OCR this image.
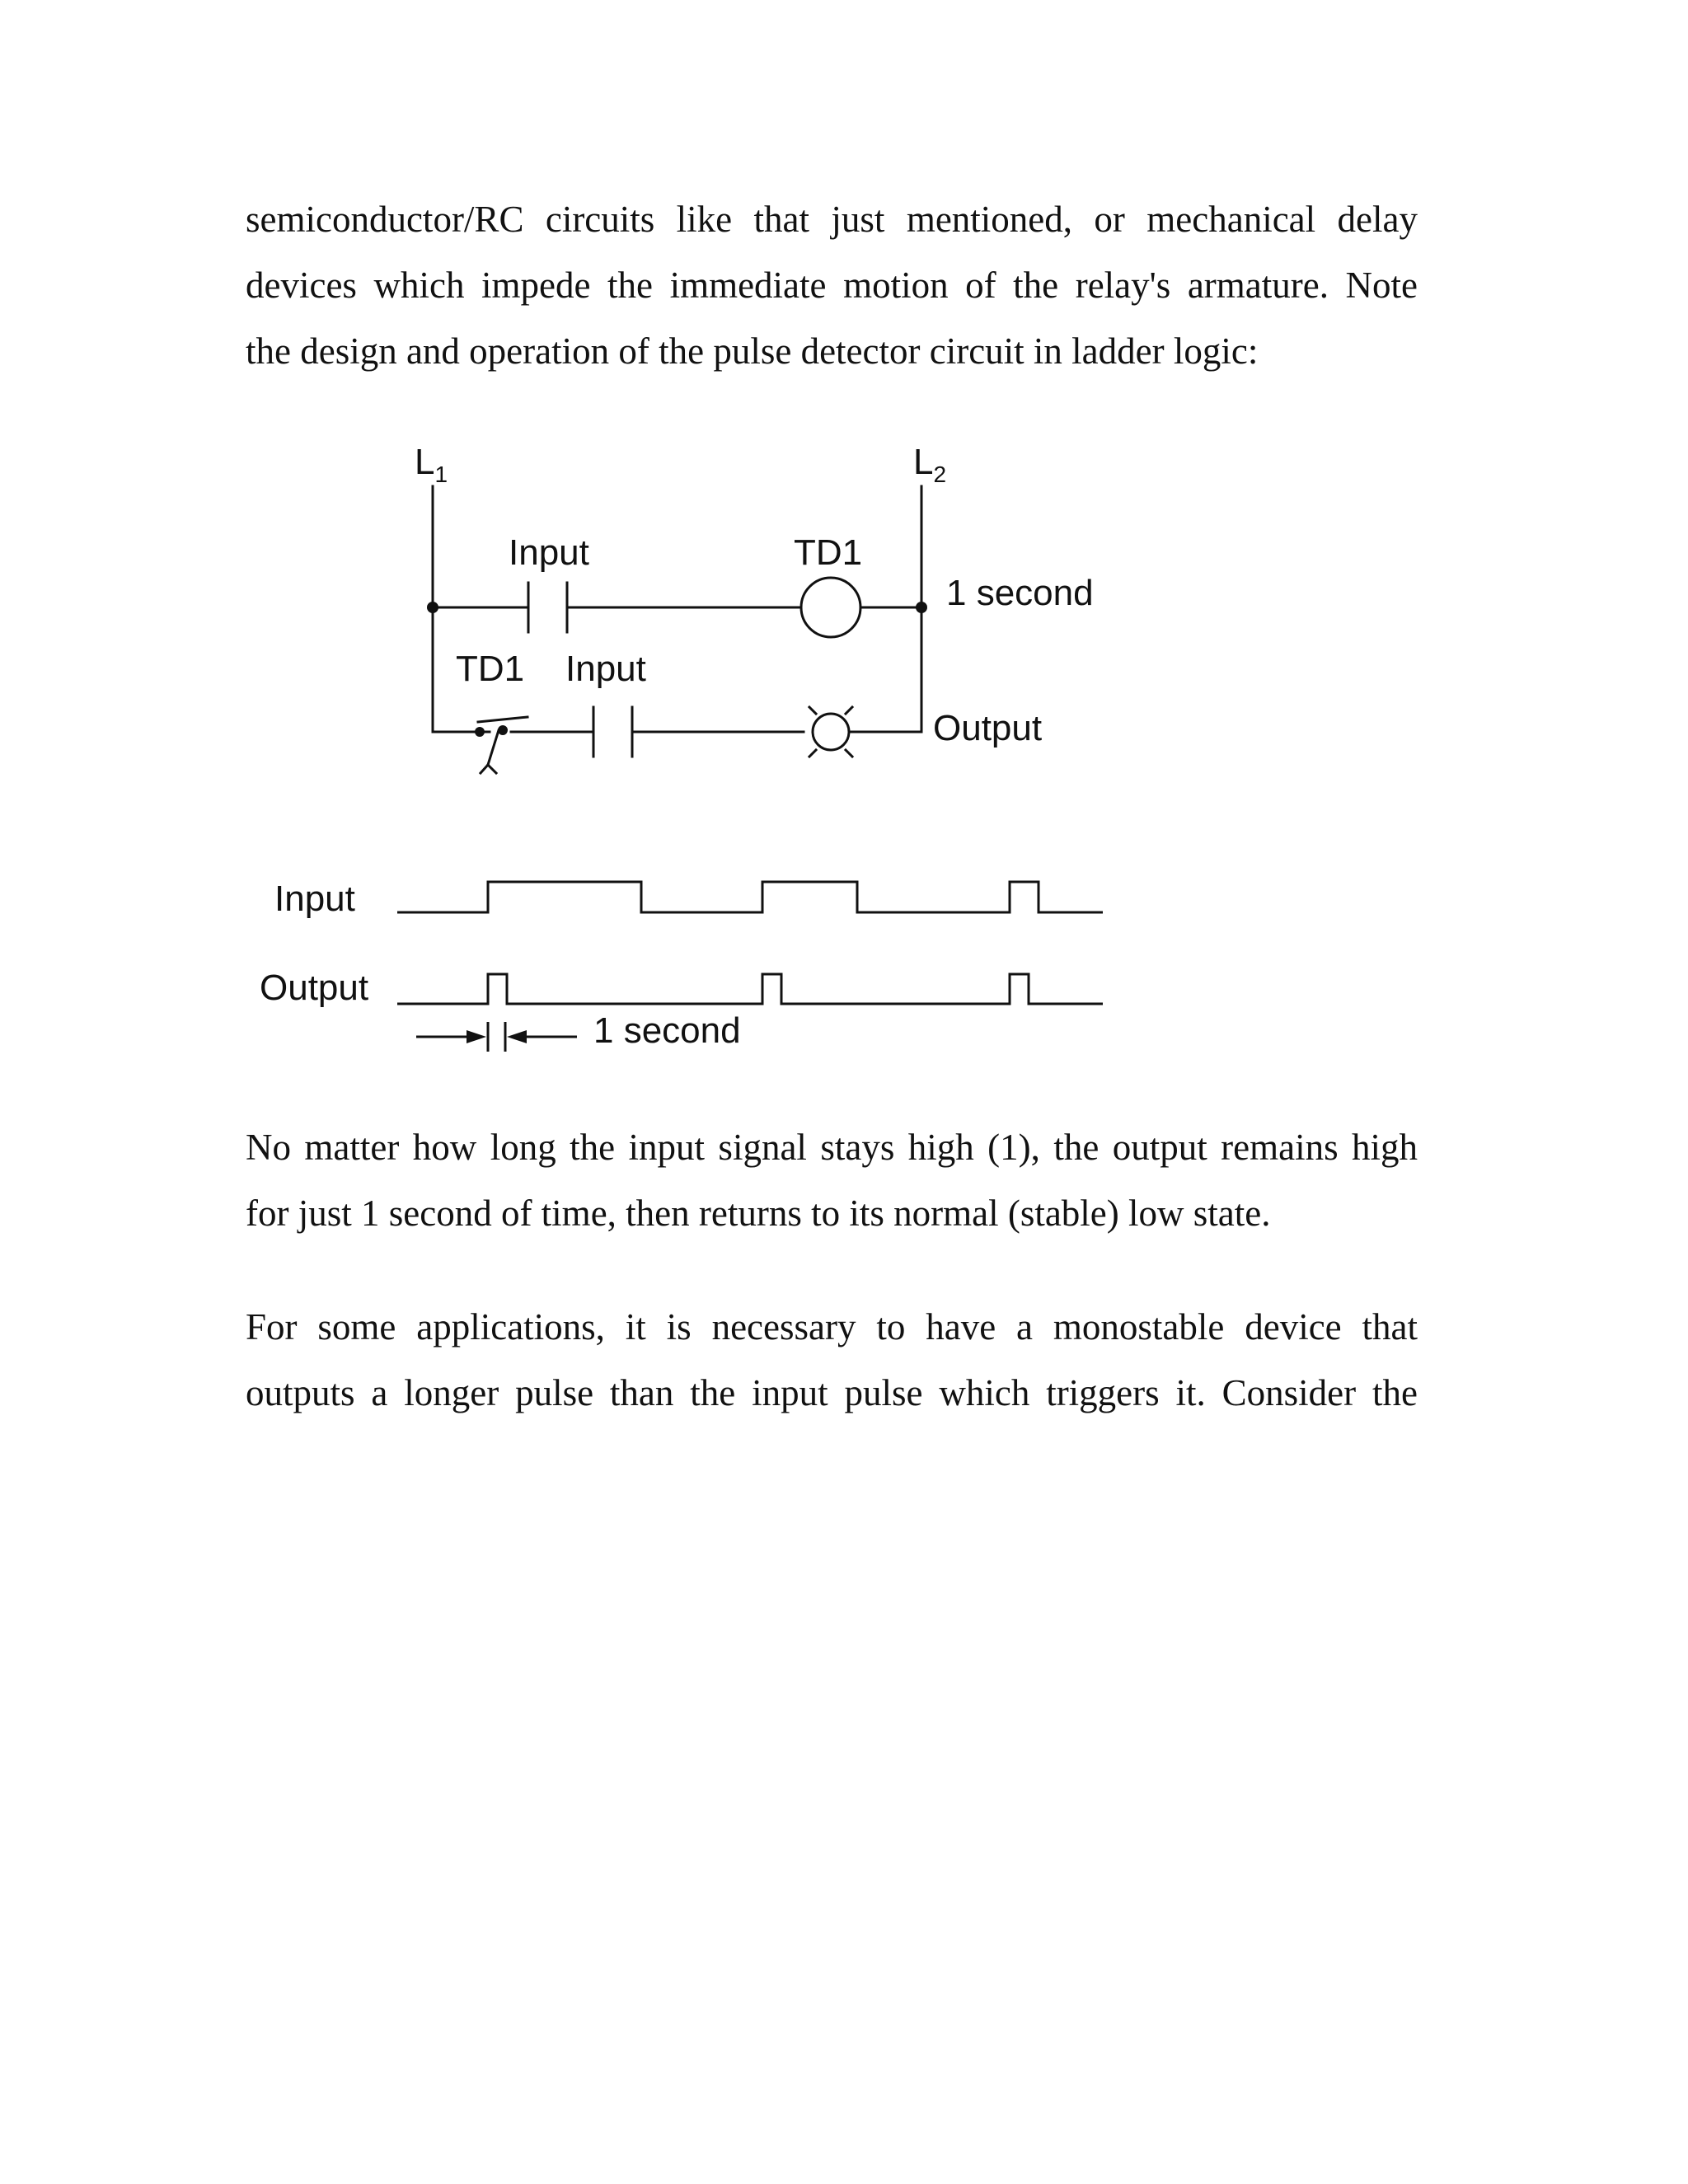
semiconductor/RC circuits like that just mentioned, or mechanical delay
devices which impede the immediate motion of the relay's armature. Note
the design and operation of the pulse detector circuit in ladder logic:
$L_1$	$L_2$
Input	TD1
1 second
TD1 Input
Output
Input
Output
1 second
No matter how long the input signal stays high (1), the output remains high
for just 1 second of time, then returns to its normal (stable) low state.
For some applications, it is necessary to have a monostable device that
outputs a longer pulse than the input pulse which triggers it. Consider the
